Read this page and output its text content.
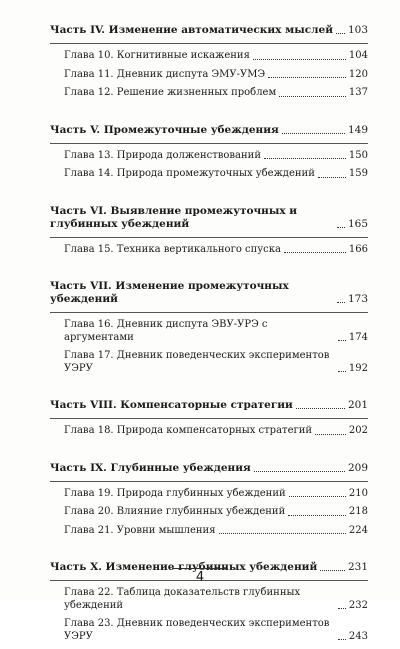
Часть IV. Изменение автоматических мыслей 103
Глава 10. Когнитивные искажения	104
Глава 11. Дневник диспута ЭМУ-УМЭ	120
Глава 12. Решение жизненных проблем	137
Часть V. Промежуточные убеждения	149
Глава 13. Природа долженствований	150
Глава 14. Природа промежуточных убеждений	159
Часть VI. Выявление промежуточных и глубинных убеждений	165
Глава 15. Техника вертикального спуска	166
Часть VII. Изменение промежуточных убеждений	173
Глава 16. Дневник диспута ЭВУ-УРЭ с аргументами	174
Глава 17. Дневник поведенческих экспериментов УЭРУ	192
Часть VIII. Компенсаторные стратегии	201
Глава 18. Природа компенсаторных стратегий	202
Часть IX. Глубинные убеждения	209
Глава 19. Природа глубинных убеждений	210
Глава 20. Влияние глубинных убеждений	218
Глава 21. Уровни мышления	224
Часть X. Изменение глубинных убеждений	231
Глава 22. Таблица доказательств глубинных убеждений	232
Глава 23. Дневник поведенческих экспериментов УЭРУ	243
4
